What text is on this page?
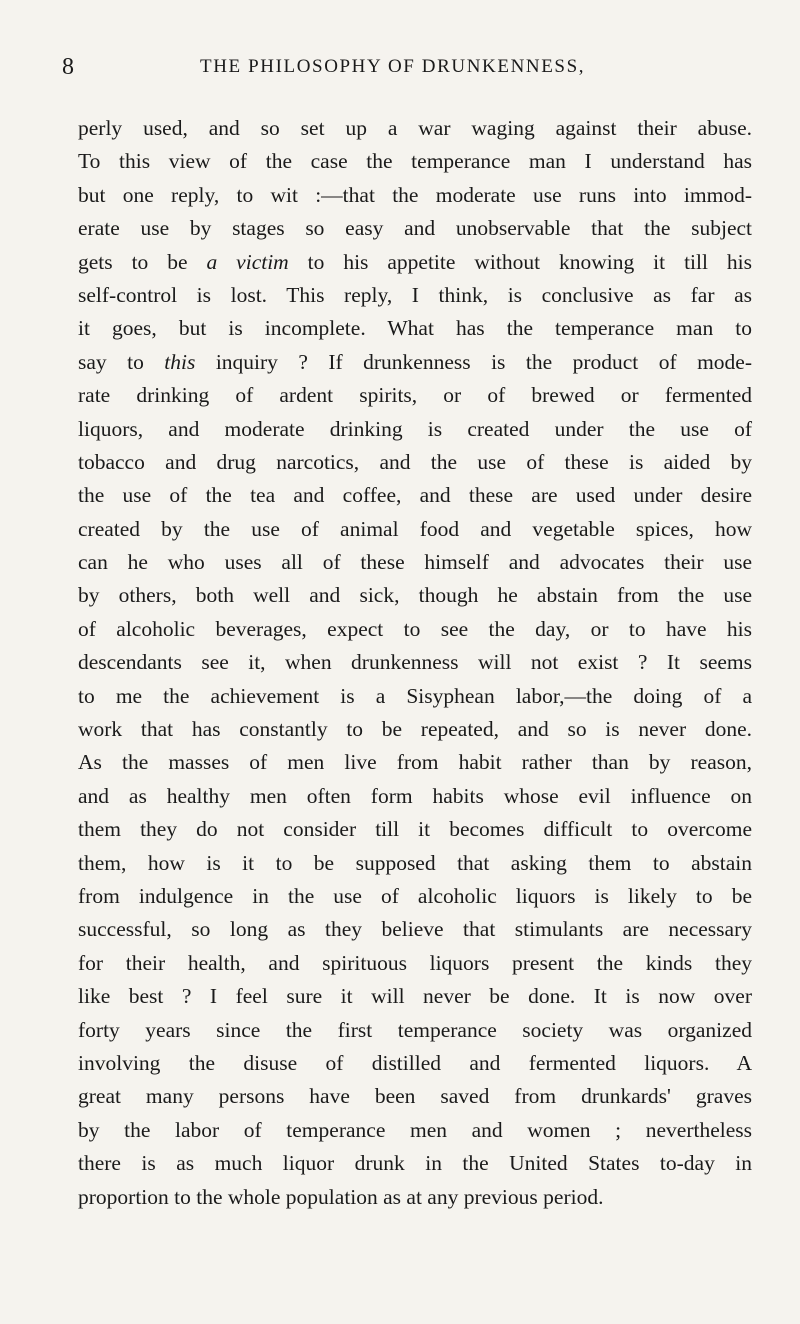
8	THE PHILOSOPHY OF DRUNKENNESS,
perly used, and so set up a war waging against their abuse.
To this view of the case the temperance man I understand has
but one reply, to wit :—that the moderate use runs into immod-
erate use by stages so easy and unobservable that the subject
gets to be a victim to his appetite without knowing it till his
self-control is lost. This reply, I think, is conclusive as far as
it goes, but is incomplete. What has the temperance man to
say to this inquiry ? If drunkenness is the product of mode-
rate drinking of ardent spirits, or of brewed or fermented
liquors, and moderate drinking is created under the use of
tobacco and drug narcotics, and the use of these is aided by
the use of the tea and coffee, and these are used under desire
created by the use of animal food and vegetable spices, how
can he who uses all of these himself and advocates their use
by others, both well and sick, though he abstain from the use
of alcoholic beverages, expect to see the day, or to have his
descendants see it, when drunkenness will not exist ? It seems
to me the achievement is a Sisyphean labor,—the doing of a
work that has constantly to be repeated, and so is never done.
As the masses of men live from habit rather than by reason,
and as healthy men often form habits whose evil influence on
them they do not consider till it becomes difficult to overcome
them, how is it to be supposed that asking them to abstain
from indulgence in the use of alcoholic liquors is likely to be
successful, so long as they believe that stimulants are necessary
for their health, and spirituous liquors present the kinds they
like best ? I feel sure it will never be done. It is now over
forty years since the first temperance society was organized
involving the disuse of distilled and fermented liquors. A
great many persons have been saved from drunkards' graves
by the labor of temperance men and women ; nevertheless
there is as much liquor drunk in the United States to-day in
proportion to the whole population as at any previous period.
